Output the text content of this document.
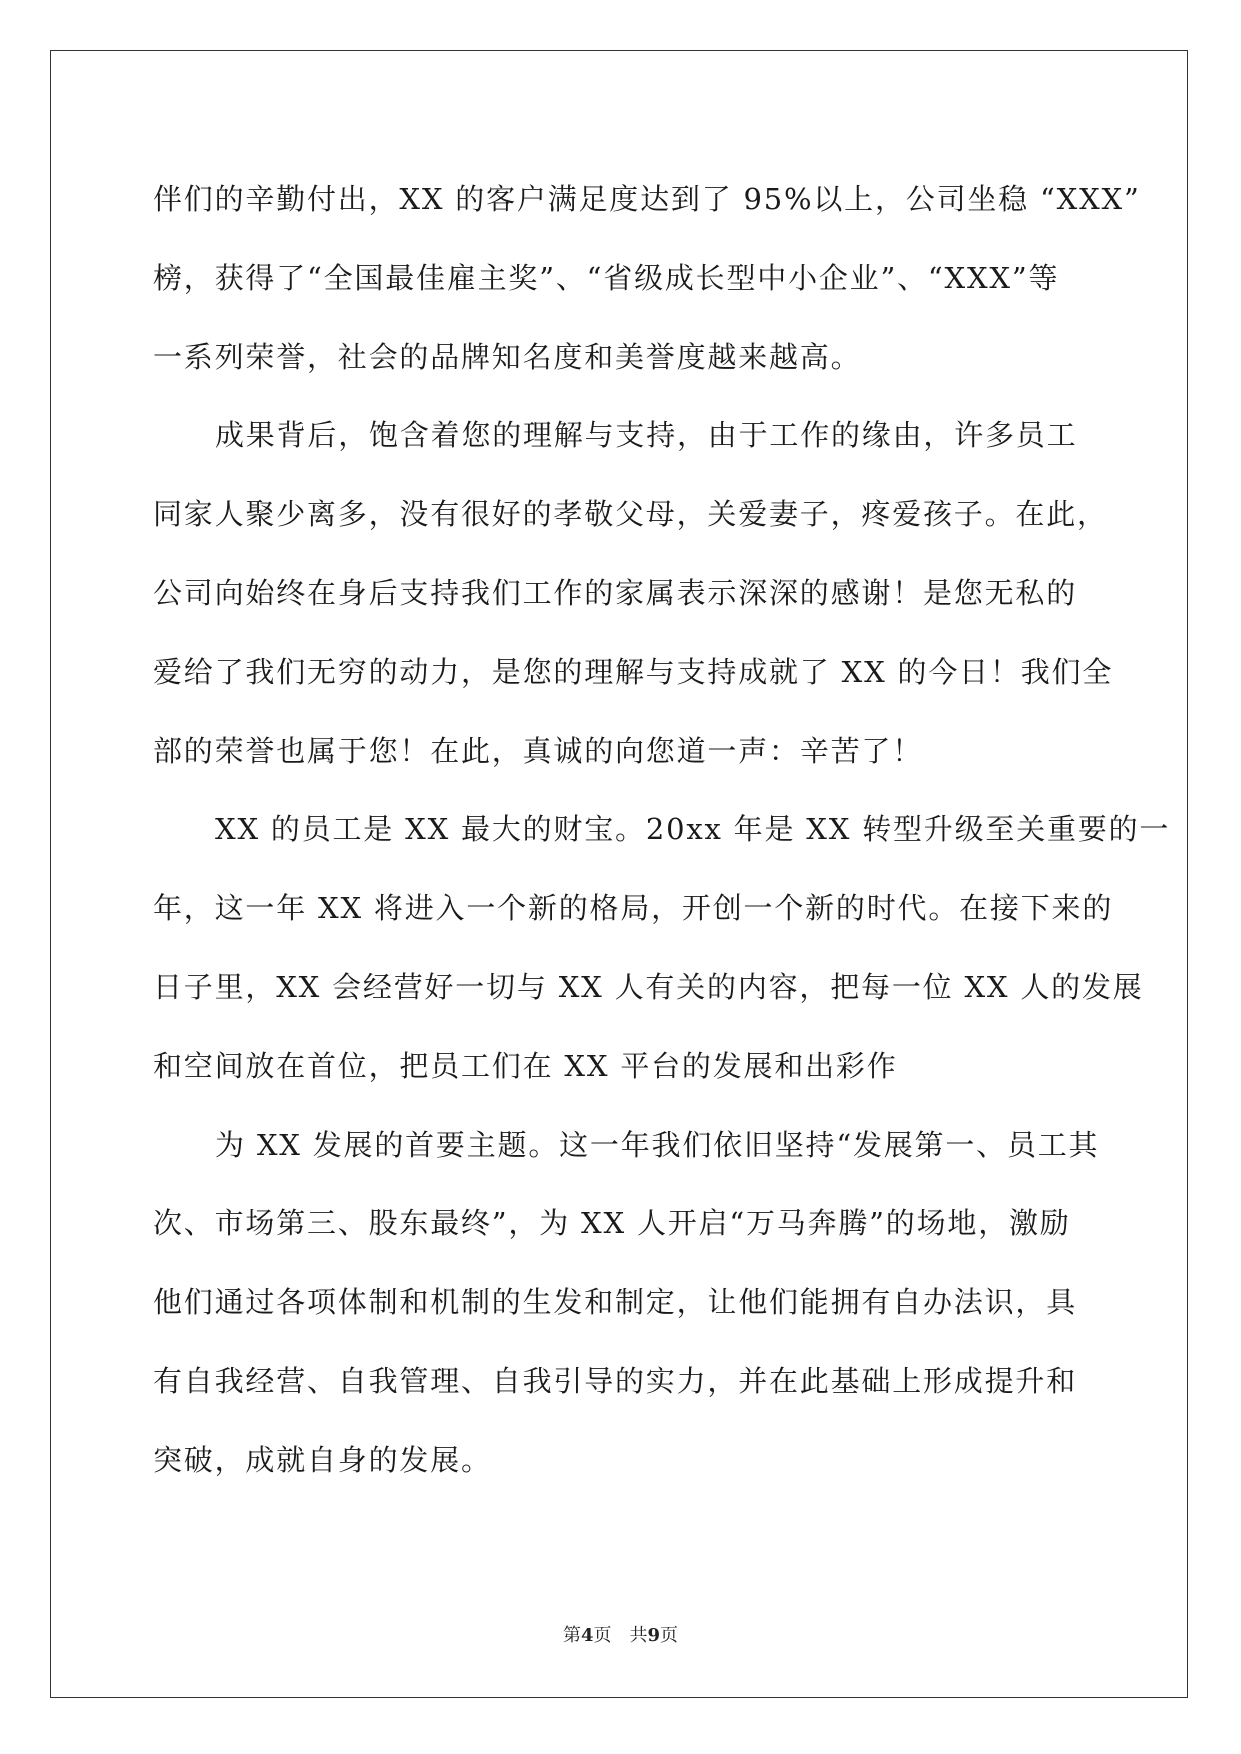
伴们的辛勤付出，XX 的客户满足度达到了 95%以上，公司坐稳 “XXX”

榜，获得了“全国最佳雇主奖”、“省级成长型中小企业”、“XXX”等

一系列荣誉，社会的品牌知名度和美誉度越来越高。

成果背后，饱含着您的理解与支持，由于工作的缘由，许多员工

同家人聚少离多，没有很好的孝敬父母，关爱妻子，疼爱孩子。在此，

公司向始终在身后支持我们工作的家属表示深深的感谢！是您无私的

爱给了我们无穷的动力，是您的理解与支持成就了 XX 的今日！我们全

部的荣誉也属于您！在此，真诚的向您道一声：辛苦了！

XX 的员工是 XX 最大的财宝。20xx 年是 XX 转型升级至关重要的一

年，这一年 XX 将进入一个新的格局，开创一个新的时代。在接下来的

日子里，XX 会经营好一切与 XX 人有关的内容，把每一位 XX 人的发展

和空间放在首位，把员工们在 XX 平台的发展和出彩作

为 XX 发展的首要主题。这一年我们依旧坚持“发展第一、员工其

次、市场第三、股东最终”，为 XX 人开启“万马奔腾”的场地，激励

他们通过各项体制和机制的生发和制定，让他们能拥有自办法识，具

有自我经营、自我管理、自我引导的实力，并在此基础上形成提升和

突破，成就自身的发展。

第4页 共9页
